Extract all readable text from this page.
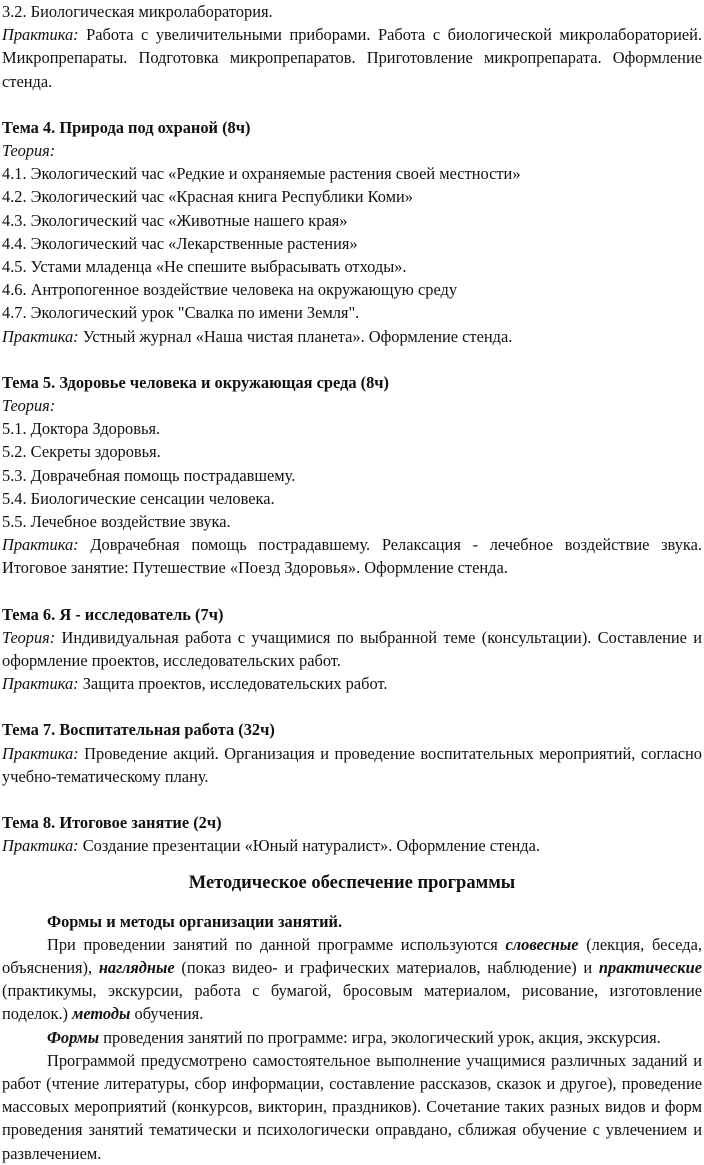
3.2. Биологическая микролаборатория.

Практика: Работа с увеличительными приборами. Работа с биологической микролабораторией. Микропрепараты. Подготовка микропрепаратов. Приготовление микропрепарата. Оформление стенда.

Тема 4. Природа под охраной (8ч)

Теория:

4.1. Экологический час «Редкие и охраняемые растения своей местности»

4.2. Экологический час «Красная книга Республики Коми»

4.3. Экологический час «Животные нашего края»

4.4. Экологический час «Лекарственные растения»

4.5. Устами младенца «Не спешите выбрасывать отходы».

4.6. Антропогенное воздействие человека на окружающую среду

4.7. Экологический урок "Свалка по имени Земля".

Практика: Устный журнал «Наша чистая планета». Оформление стенда.

Тема 5. Здоровье человека и окружающая среда (8ч)

Теория:

5.1. Доктора Здоровья.

5.2. Секреты здоровья.

5.3. Доврачебная помощь пострадавшему.

5.4. Биологические сенсации человека.

5.5. Лечебное воздействие звука.

Практика: Доврачебная помощь пострадавшему. Релаксация - лечебное воздействие звука. Итоговое занятие: Путешествие «Поезд Здоровья». Оформление стенда.

Тема 6. Я - исследователь (7ч)

Теория: Индивидуальная работа с учащимися по выбранной теме (консультации). Составление и оформление проектов, исследовательских работ.

Практика: Защита проектов, исследовательских работ.

Тема 7. Воспитательная работа (32ч)

Практика: Проведение акций. Организация и проведение воспитательных мероприятий, согласно учебно-тематическому плану.

Тема 8. Итоговое занятие (2ч)

Практика: Создание презентации «Юный натуралист». Оформление стенда.

Методическое обеспечение программы

Формы и методы организации занятий.

При проведении занятий по данной программе используются словесные (лекция, беседа, объяснения), наглядные (показ видео- и графических материалов, наблюдение) и практические (практикумы, экскурсии, работа с бумагой, бросовым материалом, рисование, изготовление поделок.) методы обучения.

Формы проведения занятий по программе: игра, экологический урок, акция, экскурсия.

Программой предусмотрено самостоятельное выполнение учащимися различных заданий и работ (чтение литературы, сбор информации, составление рассказов, сказок и другое), проведение массовых мероприятий (конкурсов, викторин, праздников). Сочетание таких разных видов и форм проведения занятий тематически и психологически оправдано, сближая обучение с увлечением и развлечением.
